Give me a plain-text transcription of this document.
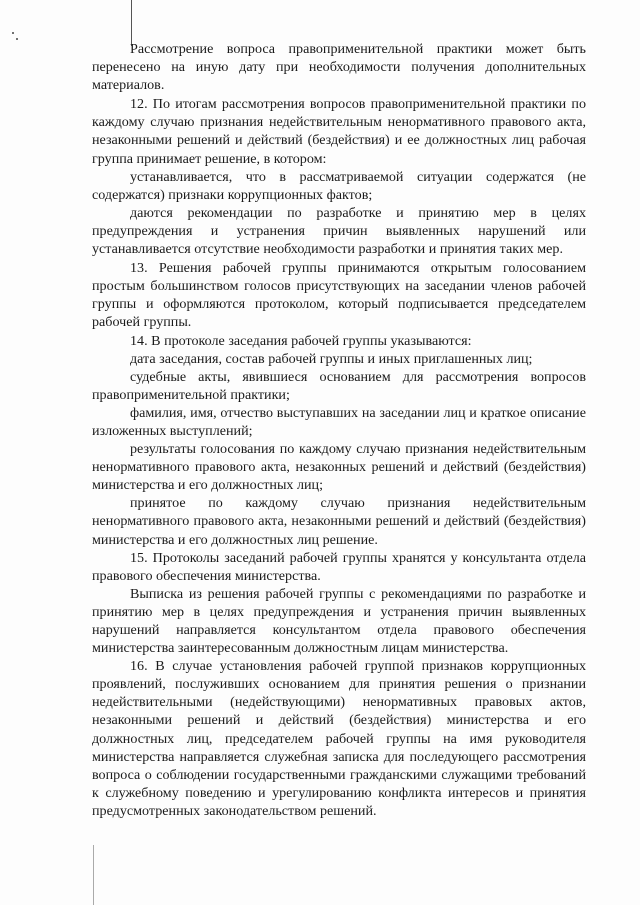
Рассмотрение вопроса правоприменительной практики может быть перенесено на иную дату при необходимости получения дополнительных материалов.

12. По итогам рассмотрения вопросов правоприменительной практики по каждому случаю признания недействительным ненормативного правового акта, незаконными решений и действий (бездействия) и ее должностных лиц рабочая группа принимает решение, в котором:

устанавливается, что в рассматриваемой ситуации содержатся (не содержатся) признаки коррупционных фактов;

даются рекомендации по разработке и принятию мер в целях предупреждения и устранения причин выявленных нарушений или устанавливается отсутствие необходимости разработки и принятия таких мер.

13. Решения рабочей группы принимаются открытым голосованием простым большинством голосов присутствующих на заседании членов рабочей группы и оформляются протоколом, который подписывается председателем рабочей группы.

14. В протоколе заседания рабочей группы указываются:

дата заседания, состав рабочей группы и иных приглашенных лиц;

судебные акты, явившиеся основанием для рассмотрения вопросов правоприменительной практики;

фамилия, имя, отчество выступавших на заседании лиц и краткое описание изложенных выступлений;

результаты голосования по каждому случаю признания недействительным ненормативного правового акта, незаконных решений и действий (бездействия) министерства и его должностных лиц;

принятое по каждому случаю признания недействительным ненормативного правового акта, незаконными решений и действий (бездействия) министерства и его должностных лиц решение.

15. Протоколы заседаний рабочей группы хранятся у консультанта отдела правового обеспечения министерства.

Выписка из решения рабочей группы с рекомендациями по разработке и принятию мер в целях предупреждения и устранения причин выявленных нарушений направляется консультантом отдела правового обеспечения министерства заинтересованным должностным лицам министерства.

16. В случае установления рабочей группой признаков коррупционных проявлений, послуживших основанием для принятия решения о признании недействительными (недействующими) ненормативных правовых актов, незаконными решений и действий (бездействия) министерства и его должностных лиц, председателем рабочей группы на имя руководителя министерства направляется служебная записка для последующего рассмотрения вопроса о соблюдении государственными гражданскими служащими требований к служебному поведению и урегулированию конфликта интересов и принятия предусмотренных законодательством решений.
